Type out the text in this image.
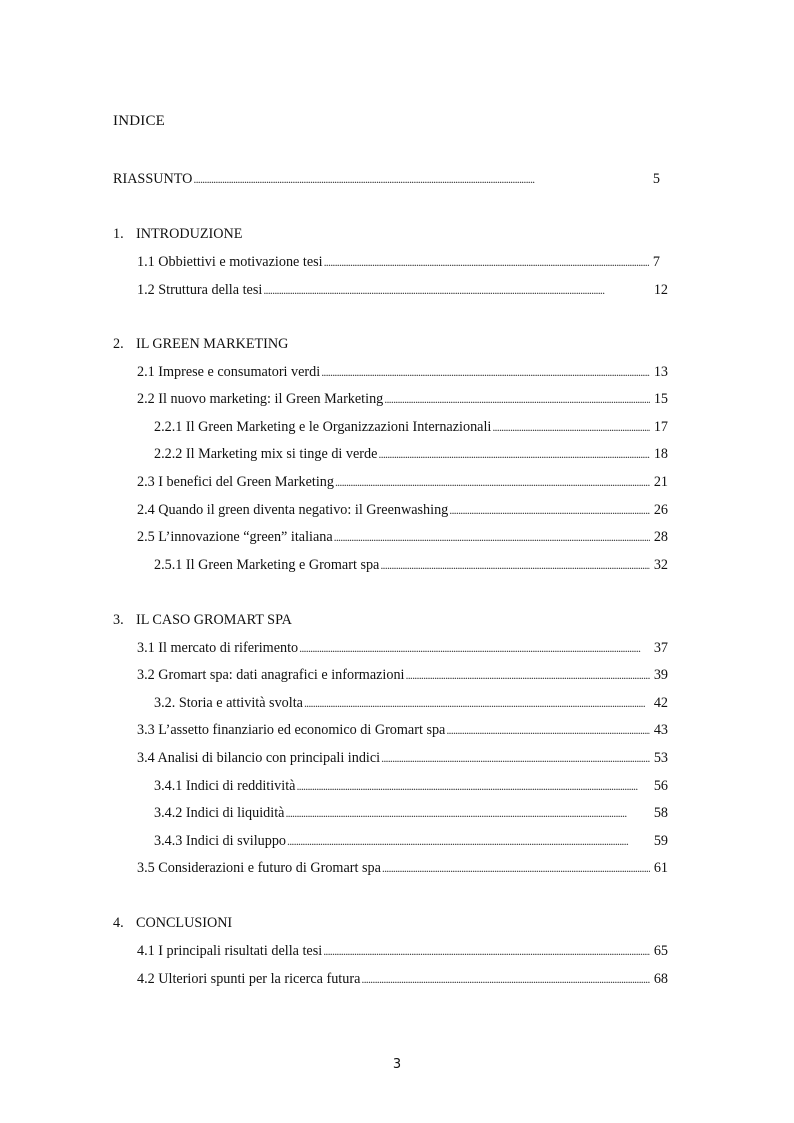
INDICE
RIASSUNTO . . .	5
1. INTRODUZIONE
1.1 Obbiettivi e motivazione tesi . . .	7
1.2 Struttura della tesi . . .	12
2. IL GREEN MARKETING
2.1 Imprese e consumatori verdi . . .	13
2.2 Il nuovo marketing: il Green Marketing . . .	15
2.2.1 Il Green Marketing e le Organizzazioni Internazionali . . .	17
2.2.2 Il Marketing mix si tinge di verde . . .	18
2.3 I benefici del Green Marketing . . .	21
2.4 Quando il green diventa negativo: il Greenwashing . . .	26
2.5 L’innovazione “green” italiana . . .	28
2.5.1 Il Green Marketing e Gromart spa . . .	32
3. IL CASO GROMART SPA
3.1 Il mercato di riferimento . . .	37
3.2 Gromart spa: dati anagrafici e informazioni . . .	39
3.2. Storia e attività svolta . . .	42
3.3 L’assetto finanziario ed economico di Gromart spa . . .	43
3.4 Analisi di bilancio con principali indici . . .	53
3.4.1 Indici di redditività . . .	56
3.4.2 Indici di liquidità . . .	58
3.4.3 Indici di sviluppo . . .	59
3.5 Considerazioni e futuro di Gromart spa . . .	61
4. CONCLUSIONI
4.1 I principali risultati della tesi . . .	65
4.2 Ulteriori spunti per la ricerca futura . . .	68
3
